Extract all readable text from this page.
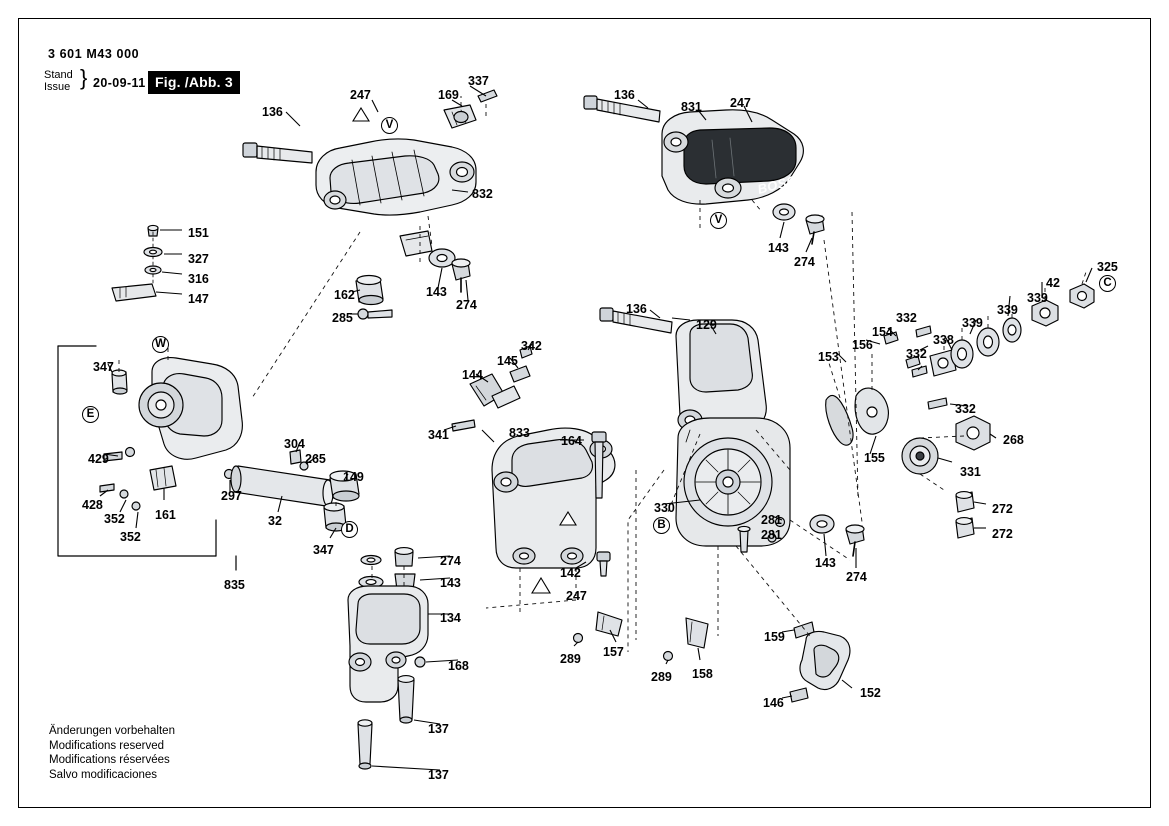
3 601 M43 000
Stand
Issue } 20-09-11 Fig. /Abb. 3
BOSCH
337
247	169
136
136
831 247
832
143
274
151
327
316
147	162	143
274
285
325
42
339
339
339
332
338
154
156
332
153
136
129
332
155
268
331
272
272
342
145
144
341	833
164
347
429
428
352
352
161
297
32
304
265
149
347
835
330
281
281
143
274
274
143
134
168
137
137
142
247
289 157
289 158
159
146
152
V
V
C
W
E
D	B
Änderungen vorbehalten
Modifications reserved
Modifications réservées
Salvo modificaciones
